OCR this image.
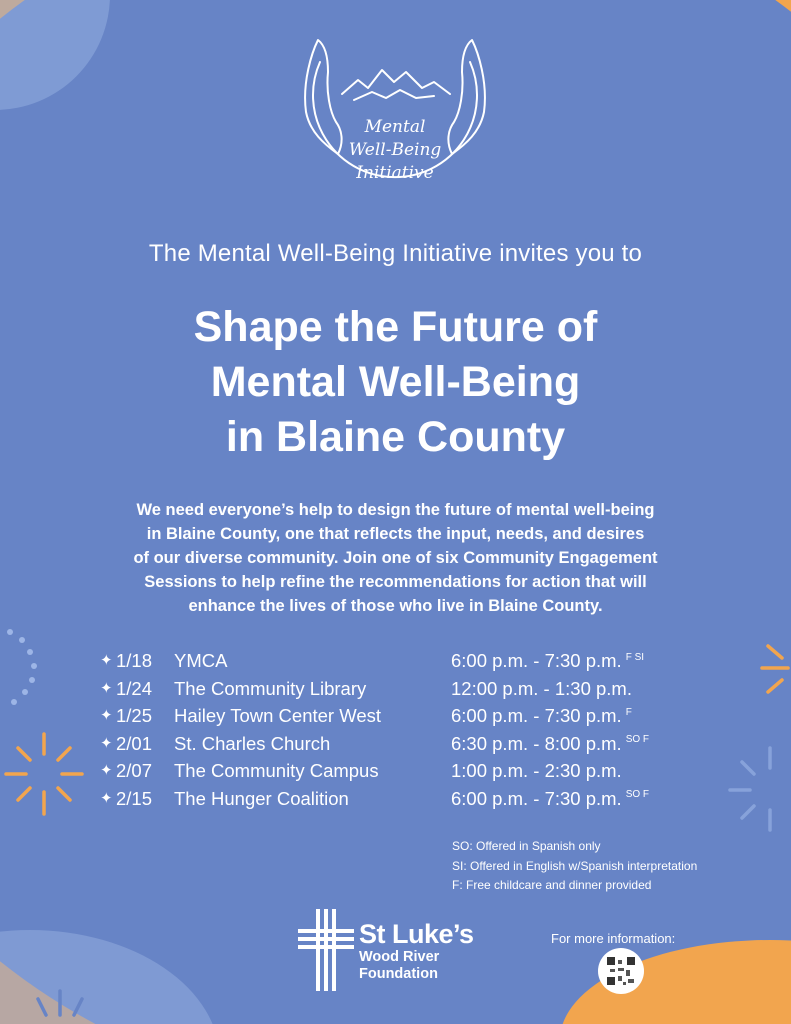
Mental
Well-Being
Initiative
The Mental Well-Being Initiative invites you to
Shape the Future of
Mental Well-Being
in Blaine County
We need everyone’s help to design the future of mental well-being
in Blaine County, one that reflects the input, needs, and desires
of our diverse community. Join one of six Community Engagement
Sessions to help refine the recommendations for action that will
enhance the lives of those who live in Blaine County.
✦ 1/18 YMCA	6:00 p.m. - 7:30 p.m. $^{F SI}$
✦ 1/24 The Community Library	12:00 p.m. - 1:30 p.m.
✦ 1/25 Hailey Town Center West	6:00 p.m. - 7:30 p.m. $^F$
✦ 2/01 St. Charles Church	6:30 p.m. - 8:00 p.m. $^{SO F}$
✦ 2/07 The Community Campus	1:00 p.m. - 2:30 p.m.
✦ 2/15 The Hunger Coalition	6:00 p.m. - 7:30 p.m. $^{SO F}$
SO: Offered in Spanish only
SI: Offered in English w/Spanish interpretation
F: Free childcare and dinner provided
St Luke’s
Wood River
Foundation
For more information:
